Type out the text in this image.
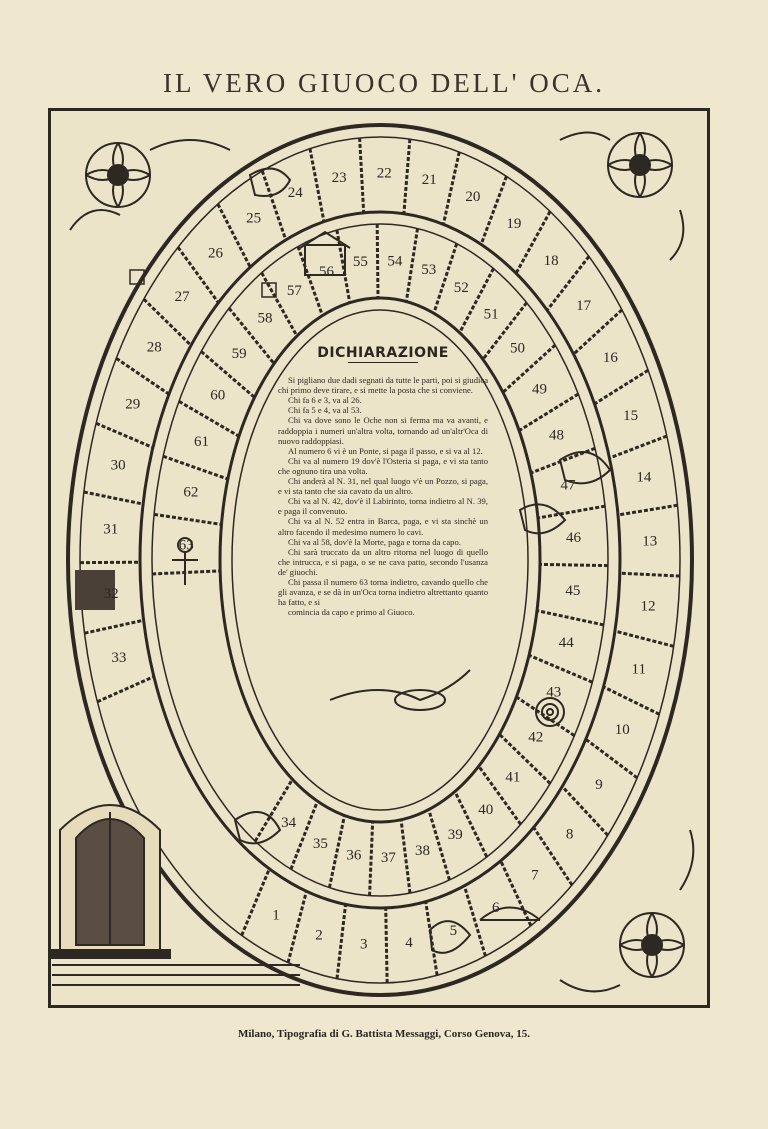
IL VERO GIUOCO DELL' OCA.
1
2
3	4
5
6
7
8
9
10
11
12
13
14
15
16
17
18
19
20
21
22
23
24
25
26
27
28
29
30
31
32
33
34
35
36 37 38
39
40
41
42
43
44
45
46
47
48
49
50
51
52
53
54
55
56
57
58
59
60
61
62
63
DICHIARAZIONE

Si pigliano due dadi segnati da tutte le parti, poi si giudica chi primo deve tirare, e si mette la posta che si conviene.

Chi fa 6 e 3, va al 26.

Chi fa 5 e 4, va al 53.

Chi va dove sono le Oche non si ferma ma va avanti, e raddoppia i numeri un'altra volta, tornando ad un'altr'Oca di nuovo raddoppiasi.

Al numero 6 vi è un Ponte, si paga il passo, e si va al 12.

Chi va al numero 19 dov'è l'Osteria si paga, e vi sta tanto che ognuno tira una volta.

Chi anderà al N. 31, nel qual luogo v'è un Pozzo, si paga, e vi sta tanto che sia cavato da un altro.

Chi va al N. 42, dov'è il Labirinto, torna indietro al N. 39, e paga il convenuto.

Chi va al N. 52 entra in Barca, paga, e vi sta sinchè un altro facendo il medesimo numero lo cavi.

Chi va al 58, dov'è la Morte, paga e torna da capo.

Chi sarà truccato da un altro ritorna nel luogo di quello che intrucca, e si paga, o se ne cava patto, secondo l'usanza de' giuochi.

Chi passa il numero 63 torna indietro, cavando quello che gli avanza, e se dà in un'Oca torna indietro altrettanto quanto ha fatto, e si

comincia da capo e primo al Giuoco.

Milano, Tipografia di G. Battista Messaggi, Corso Genova, 15.
